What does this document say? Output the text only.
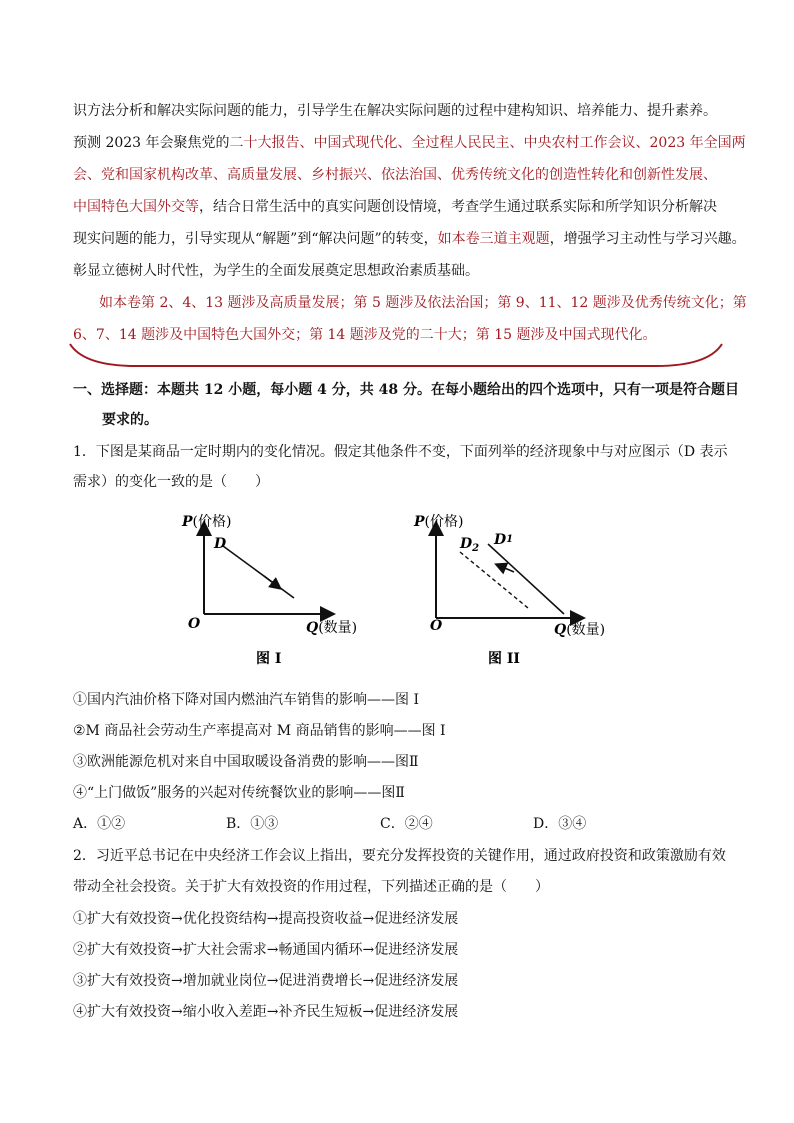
识方法分析和解决实际问题的能力，引导学生在解决实际问题的过程中建构知识、培养能力、提升素养。
预测 2023 年会聚焦党的二十大报告、中国式现代化、全过程人民民主、中央农村工作会议、2023 年全国两
会、党和国家机构改革、高质量发展、乡村振兴、依法治国、优秀传统文化的创造性转化和创新性发展、
中国特色大国外交等，结合日常生活中的真实问题创设情境，考查学生通过联系实际和所学知识分析解决
现实问题的能力，引导实现从“解题”到“解决问题”的转变，如本卷三道主观题，增强学习主动性与学习兴趣。
彰显立德树人时代性，为学生的全面发展奠定思想政治素质基础。
如本卷第 2、4、13 题涉及高质量发展；第 5 题涉及依法治国；第 9、11、12 题涉及优秀传统文化；第
6、7、14 题涉及中国特色大国外交；第 14 题涉及党的二十大；第 15 题涉及中国式现代化。
一、选择题：本题共 12 小题，每小题 4 分，共 48 分。在每小题给出的四个选项中，只有一项是符合题目
要求的。
1．下图是某商品一定时期内的变化情况。假定其他条件不变，下面列举的经济现象中与对应图示（D 表示
需求）的变化一致的是（　　）
P(价格)
D
O	Q(数量)
图 I
P(价格)
$D_2$
D1
O	Q(数量)
图 II
①国内汽油价格下降对国内燃油汽车销售的影响——图 I
②M 商品社会劳动生产率提高对 M 商品销售的影响——图 I
③欧洲能源危机对来自中国取暖设备消费的影响——图Ⅱ
④“上门做饭”服务的兴起对传统餐饮业的影响——图Ⅱ
A．①②	B．①③	C．②④	D．③④
2．习近平总书记在中央经济工作会议上指出，要充分发挥投资的关键作用，通过政府投资和政策激励有效
带动全社会投资。关于扩大有效投资的作用过程，下列描述正确的是（　　）
①扩大有效投资→优化投资结构→提高投资收益→促进经济发展
②扩大有效投资→扩大社会需求→畅通国内循环→促进经济发展
③扩大有效投资→增加就业岗位→促进消费增长→促进经济发展
④扩大有效投资→缩小收入差距→补齐民生短板→促进经济发展
